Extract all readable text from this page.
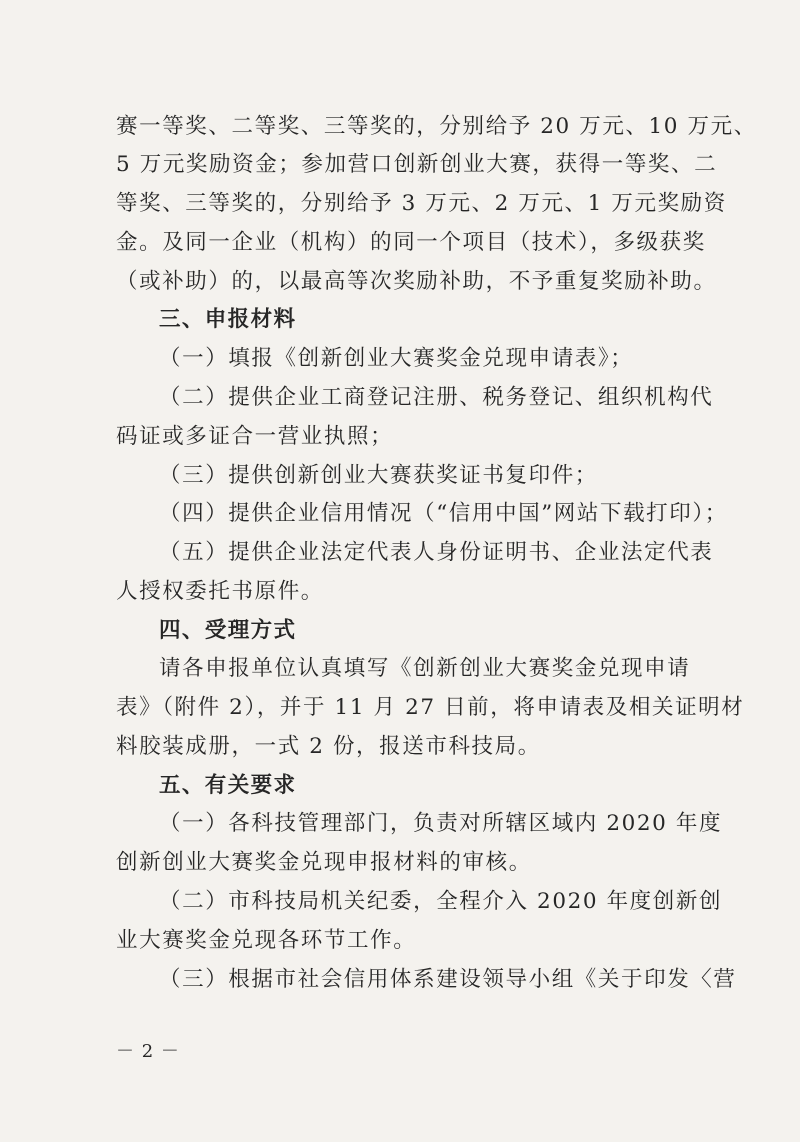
赛一等奖、二等奖、三等奖的，分别给予 20 万元、10 万元、
5 万元奖励资金；参加营口创新创业大赛，获得一等奖、二
等奖、三等奖的，分别给予 3 万元、2 万元、1 万元奖励资
金。及同一企业（机构）的同一个项目（技术），多级获奖
（或补助）的，以最高等次奖励补助，不予重复奖励补助。
三、申报材料
（一）填报《创新创业大赛奖金兑现申请表》；
（二）提供企业工商登记注册、税务登记、组织机构代
码证或多证合一营业执照；
（三）提供创新创业大赛获奖证书复印件；
（四）提供企业信用情况（“信用中国”网站下载打印）；
（五）提供企业法定代表人身份证明书、企业法定代表
人授权委托书原件。
四、受理方式
请各申报单位认真填写《创新创业大赛奖金兑现申请
表》（附件 2），并于 11 月 27 日前，将申请表及相关证明材
料胶装成册，一式 2 份，报送市科技局。
五、有关要求
（一）各科技管理部门，负责对所辖区域内 2020 年度
创新创业大赛奖金兑现申报材料的审核。
（二）市科技局机关纪委，全程介入 2020 年度创新创
业大赛奖金兑现各环节工作。
（三）根据市社会信用体系建设领导小组《关于印发〈营
－ 2 －
